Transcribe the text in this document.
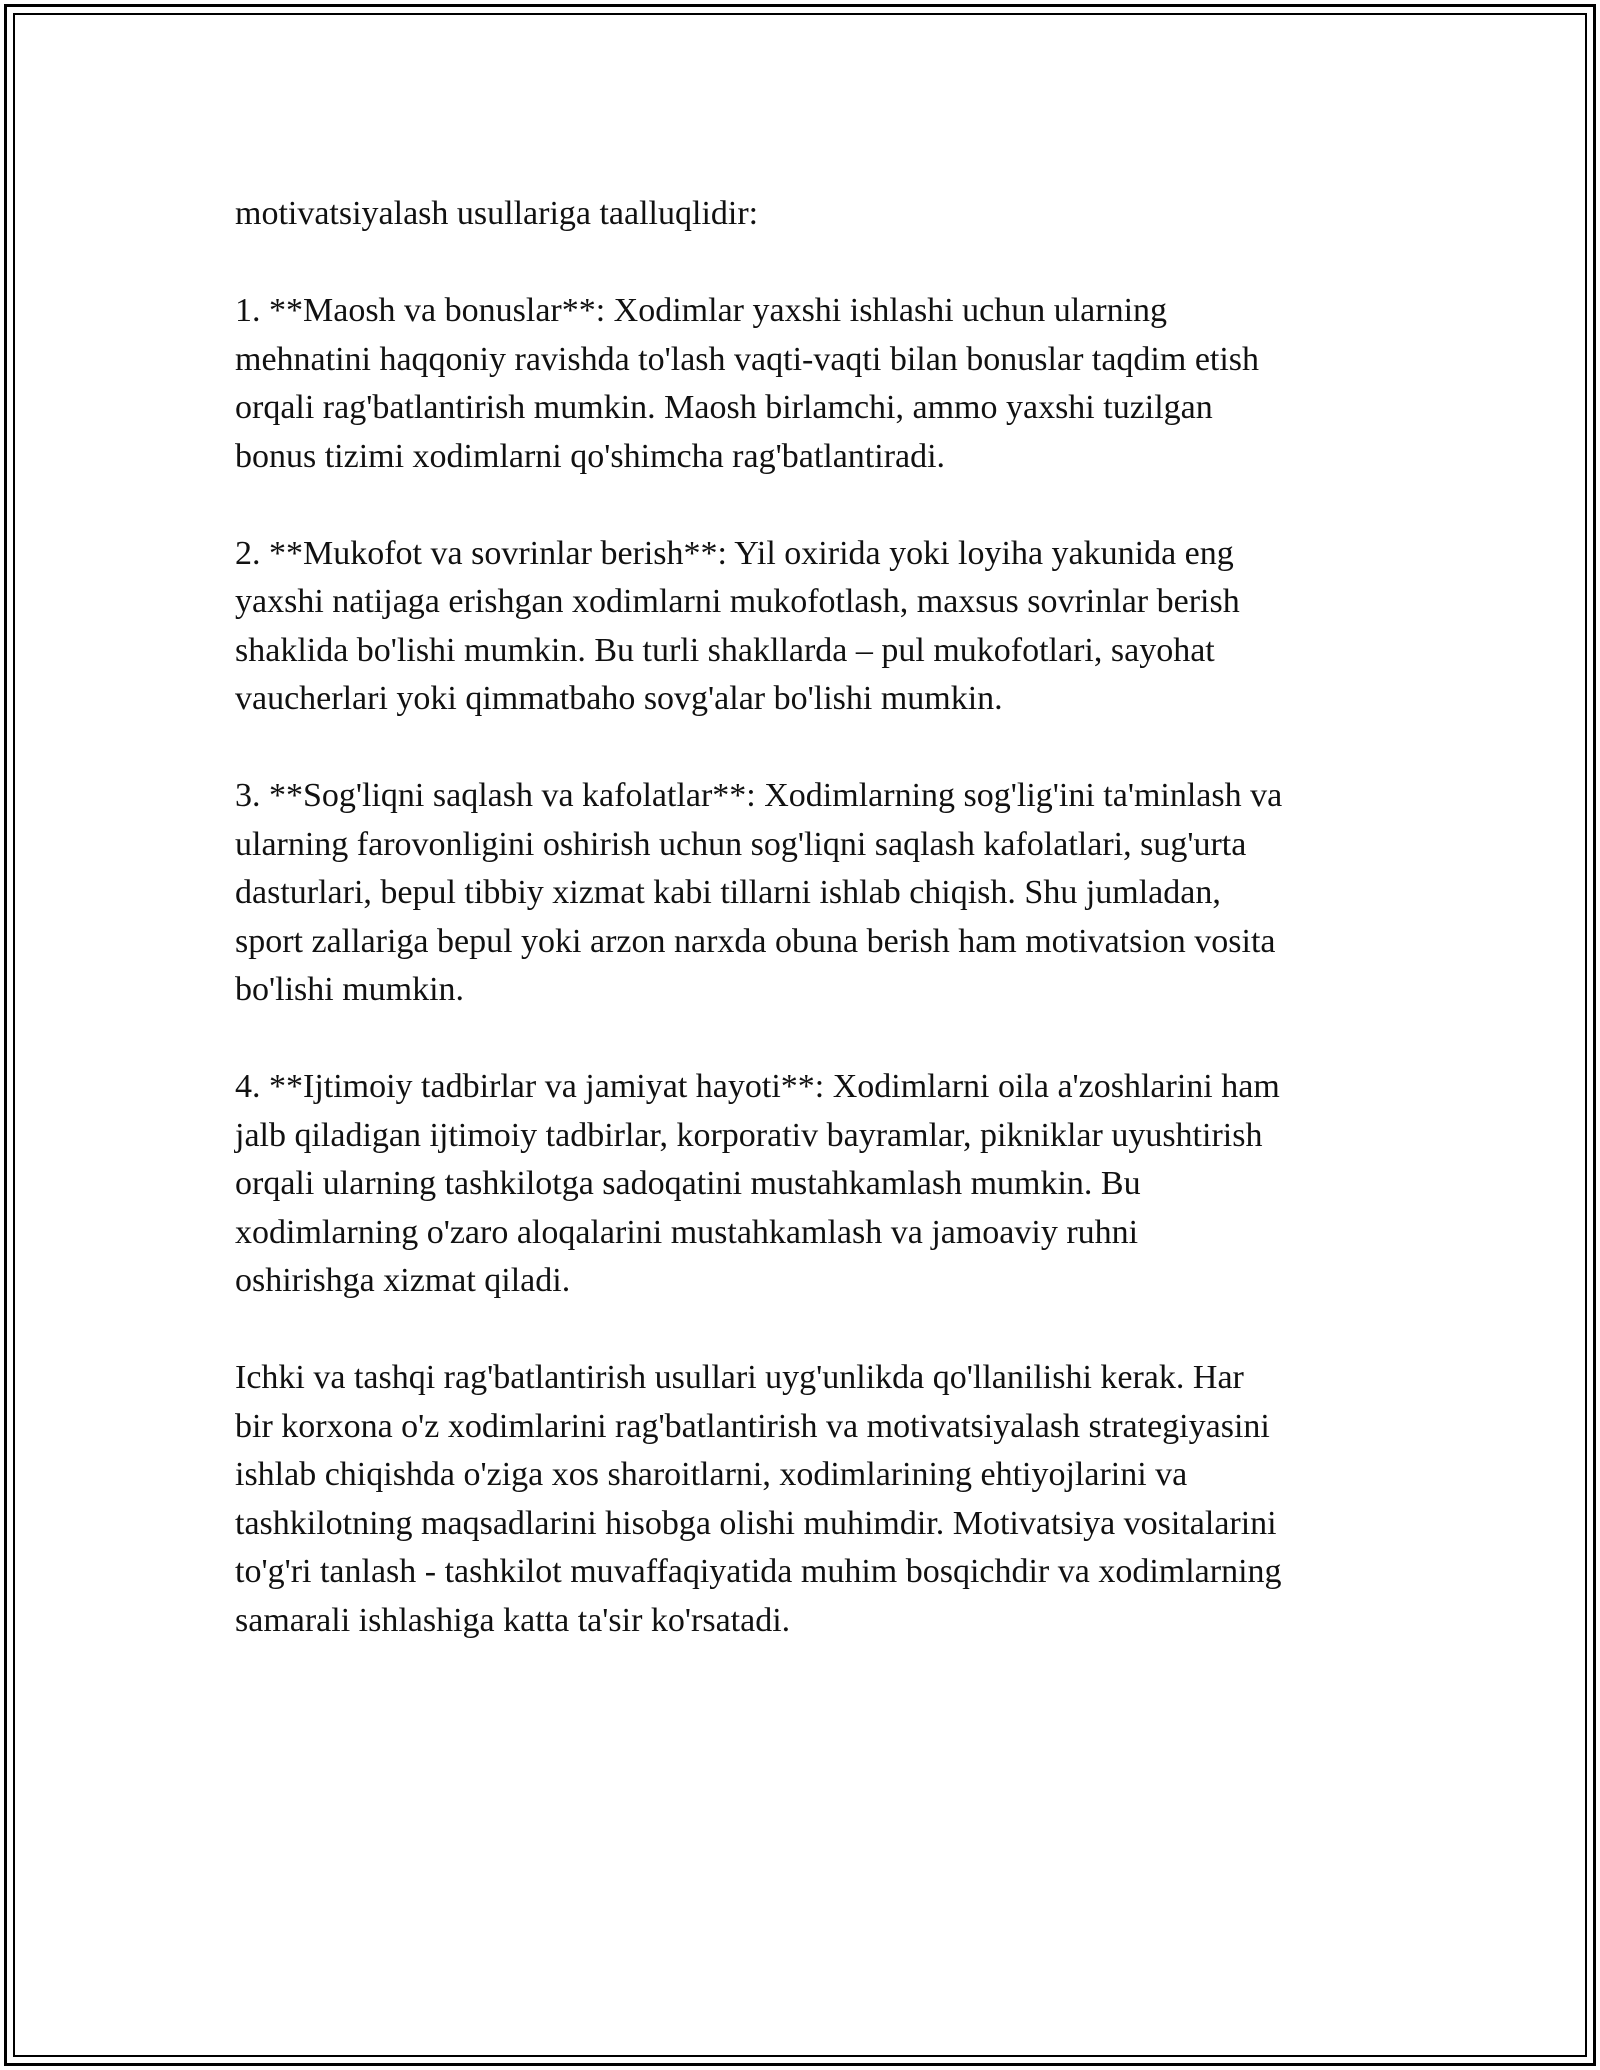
motivatsiyalash usullariga taalluqlidir:

1. **Maosh va bonuslar**: Xodimlar yaxshi ishlashi uchun ularning
mehnatini haqqoniy ravishda to'lash vaqti-vaqti bilan bonuslar taqdim etish
orqali rag'batlantirish mumkin. Maosh birlamchi, ammo yaxshi tuzilgan
bonus tizimi xodimlarni qo'shimcha rag'batlantiradi.

2. **Mukofot va sovrinlar berish**: Yil oxirida yoki loyiha yakunida eng
yaxshi natijaga erishgan xodimlarni mukofotlash, maxsus sovrinlar berish
shaklida bo'lishi mumkin. Bu turli shakllarda – pul mukofotlari, sayohat
vaucherlari yoki qimmatbaho sovg'alar bo'lishi mumkin.

3. **Sog'liqni saqlash va kafolatlar**: Xodimlarning sog'lig'ini ta'minlash va
ularning farovonligini oshirish uchun sog'liqni saqlash kafolatlari, sug'urta
dasturlari, bepul tibbiy xizmat kabi tillarni ishlab chiqish. Shu jumladan,
sport zallariga bepul yoki arzon narxda obuna berish ham motivatsion vosita
bo'lishi mumkin.

4. **Ijtimoiy tadbirlar va jamiyat hayoti**: Xodimlarni oila a'zoshlarini ham
jalb qiladigan ijtimoiy tadbirlar, korporativ bayramlar, pikniklar uyushtirish
orqali ularning tashkilotga sadoqatini mustahkamlash mumkin. Bu
xodimlarning o'zaro aloqalarini mustahkamlash va jamoaviy ruhni
oshirishga xizmat qiladi.

Ichki va tashqi rag'batlantirish usullari uyg'unlikda qo'llanilishi kerak. Har
bir korxona o'z xodimlarini rag'batlantirish va motivatsiyalash strategiyasini
ishlab chiqishda o'ziga xos sharoitlarni, xodimlarining ehtiyojlarini va
tashkilotning maqsadlarini hisobga olishi muhimdir. Motivatsiya vositalarini
to'g'ri tanlash - tashkilot muvaffaqiyatida muhim bosqichdir va xodimlarning
samarali ishlashiga katta ta'sir ko'rsatadi.
